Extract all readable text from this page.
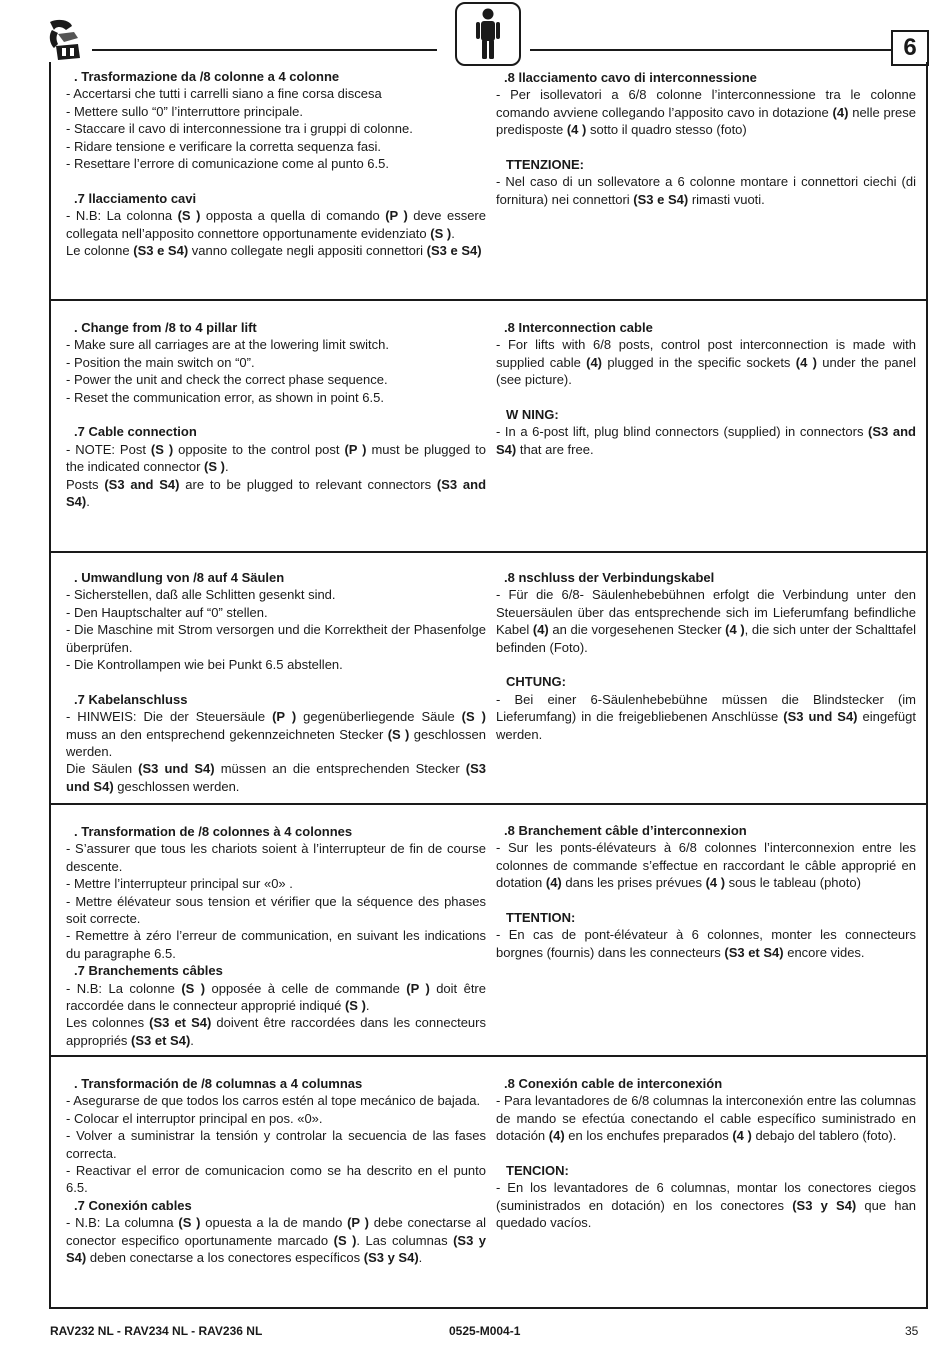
6

. Trasformazione da /8 colonne a 4 colonne

- Accertarsi che tutti i carrelli siano a fine corsa discesa

- Mettere sullo “0” l’interruttore principale.

- Staccare il cavo di interconnessione tra i gruppi di colonne.

- Ridare tensione e verificare la corretta sequenza fasi.

- Resettare l’errore di comunicazione come al punto 6.5.

.7 llacciamento cavi

- N.B: La colonna (S ) opposta a quella di comando (P ) deve essere collegata nell’apposito connettore opportunamente evidenziato (S ).

Le colonne (S3 e S4) vanno collegate negli appositi connettori (S3 e S4)

.8 llacciamento cavo di interconnessione

- Per isollevatori a 6/8 colonne l’interconnessione tra le colonne comando avviene collegando l’apposito cavo in dotazione (4) nelle prese predisposte (4 ) sotto il quadro stesso (foto)

TTENZIONE:

- Nel caso di un sollevatore a 6 colonne montare i connettori ciechi (di fornitura) nei connettori (S3 e S4) rimasti vuoti.

. Change from /8 to 4 pillar lift

- Make sure all carriages are at the lowering limit switch.

- Position the main switch on “0”.

- Power the unit and check the correct phase sequence.

- Reset the communication error, as shown in point 6.5.

.7 Cable connection

- NOTE: Post (S ) opposite to the control post (P ) must be plugged to the indicated connector (S ).

Posts (S3 and S4) are to be plugged to relevant connectors (S3 and S4).

.8 Interconnection cable

- For lifts with 6/8 posts, control post interconnection is made with supplied cable (4) plugged in the specific sockets (4 ) under the panel (see picture).

W NING:

- In a 6-post lift, plug blind connectors (supplied) in connectors (S3 and S4) that are free.

. Umwandlung von /8 auf 4 Säulen

- Sicherstellen, daß alle Schlitten gesenkt sind.

- Den Hauptschalter auf “0” stellen.

- Die Maschine mit Strom versorgen und die Korrektheit der Phasenfolge überprüfen.

- Die Kontrollampen wie bei Punkt 6.5 abstellen.

.7 Kabelanschluss

- HINWEIS: Die der Steuersäule (P ) gegenüberliegende Säule (S ) muss an den entsprechend gekennzeichneten Stecker (S ) geschlossen werden.

Die Säulen (S3 und S4) müssen an die entsprechenden Stecker (S3 und S4) geschlossen werden.

.8 nschluss der Verbindungskabel

- Für die 6/8- Säulenhebebühnen erfolgt die Verbindung unter den Steuersäulen über das entsprechende sich im Lieferumfang befindliche Kabel (4) an die vorgesehenen Stecker (4 ), die sich unter der Schalttafel befinden (Foto).

CHTUNG:

- Bei einer 6-Säulenhebebühne müssen die Blindstecker (im Lieferumfang) in die freigebliebenen Anschlüsse (S3 und S4) eingefügt werden.

. Transformation de /8 colonnes à 4 colonnes

- S’assurer que tous les chariots soient à l’interrupteur de fin de course descente.

- Mettre l’interrupteur principal sur «0» .

- Mettre élévateur sous tension et vérifier que la séquence des phases soit correcte.

- Remettre à zéro l’erreur de communication, en suivant les indications du paragraphe 6.5.

.7 Branchements câbles

- N.B: La colonne (S ) opposée à celle de commande (P ) doit être raccordée dans le connecteur approprié indiqué (S ).

Les colonnes (S3 et S4) doivent être raccordées dans les connecteurs appropriés (S3 et S4).

.8 Branchement câble d’interconnexion

- Sur les ponts-élévateurs à 6/8 colonnes l’interconnexion entre les colonnes de commande s’effectue en raccordant le câble approprié en dotation (4) dans les prises prévues (4 ) sous le tableau (photo)

TTENTION:

- En cas de pont-élévateur à 6 colonnes, monter les connecteurs borgnes (fournis) dans les connecteurs (S3 et S4) encore vides.

. Transformación de /8 columnas a 4 columnas

- Asegurarse de que todos los carros estén al tope mecánico de bajada.

- Colocar el interruptor principal en pos. «0».

- Volver a suministrar la tensión y controlar la secuencia de las fases correcta.

- Reactivar el error de comunicacion como se ha descrito en el punto 6.5.

.7 Conexión cables

- N.B: La columna (S ) opuesta a la de mando (P ) debe conectarse al conector especifico oportunamente marcado (S ). Las columnas (S3 y S4) deben conectarse a los conectores específicos (S3 y S4).

.8 Conexión cable de interconexión

- Para levantadores de 6/8 columnas la interconexión entre las columnas de mando se efectúa conectando el cable específico suministrado en dotación (4) en los enchufes preparados (4 ) debajo del tablero (foto).

TENCION:

- En los levantadores de 6 columnas, montar los conectores ciegos (suministrados en dotación) en los conectores (S3 y S4) que han quedado vacíos.

RAV232 NL - RAV234 NL - RAV236 NL	0525-M004-1	35
